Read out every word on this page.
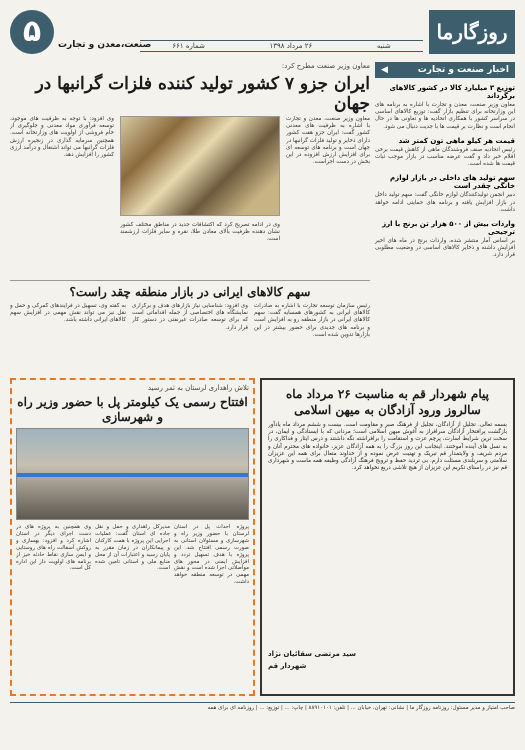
۵	صنعت،معدن و تجارت	شنبه
۲۶ مرداد ۱۳۹۸
شماره ۶۶۱
روزگارما
اخبار صنعت و تجارت
◀
توزیع ۳ میلیارد کالا در کشور کالاهای برگرداند

معاون وزیر صنعت، معدن و تجارت با اشاره به برنامه های این وزارتخانه برای تنظیم بازار گفت: توزیع کالاهای اساسی در سراسر کشور با همکاری اتحادیه ها و تعاونی ها در حال انجام است و نظارت بر قیمت ها با جدیت دنبال می شود.

قیمت هر کیلو ماهی تون کمتر شد

رئیس اتحادیه صنف فروشندگان ماهی از کاهش قیمت برخی اقلام خبر داد و گفت عرضه مناسب در بازار موجب ثبات قیمت ها شده است.

سهم تولید های داخلی در بازار لوازم خانگی چقدر است

دبیر انجمن تولیدکنندگان لوازم خانگی گفت: سهم تولید داخل در بازار افزایش یافته و برنامه های حمایتی ادامه خواهد داشت.

واردات بیش از ۵۰۰ هزار تن برنج با ارز ترجیحی

بر اساس آمار منتشر شده، واردات برنج در ماه های اخیر افزایش داشته و ذخایر کالاهای اساسی در وضعیت مطلوبی قرار دارد.

معاون وزیر صنعت مطرح کرد:
ایران جزو ۷ کشور تولید کننده فلزات گرانبها در جهان
معاون وزیر صنعت، معدن و تجارت با اشاره به ظرفیت های معدنی کشور گفت: ایران جزو هفت کشور دارای ذخایر و تولید فلزات گرانبها در جهان است و برنامه های توسعه ای برای افزایش ارزش افزوده در این بخش در دست اجراست.
وی در ادامه تصریح کرد که اکتشافات جدید در مناطق مختلف کشور نشان دهنده ظرفیت بالای معادن طلا، نقره و سایر فلزات ارزشمند است.
وی افزود: با توجه به ظرفیت های موجود، توسعه فرآوری مواد معدنی و جلوگیری از خام فروشی از اولویت های وزارتخانه است. همچنین سرمایه گذاری در زنجیره ارزش فلزات گرانبها می تواند اشتغال و درآمد ارزی کشور را افزایش دهد.
سهم کالاهای ایرانی در بازار منطقه چقد راست؟

رئیس سازمان توسعه تجارت با اشاره به صادرات کالاهای ایرانی به کشورهای همسایه گفت: سهم کالاهای ایرانی در بازار منطقه رو به افزایش است و برنامه های جدیدی برای حضور بیشتر در این بازارها تدوین شده است.

وی افزود: شناسایی نیاز بازارهای هدف و برگزاری نمایشگاه های اختصاصی از جمله اقداماتی است که برای توسعه صادرات غیرنفتی در دستور کار قرار دارد.

به گفته وی، تسهیل در فرآیندهای گمرکی و حمل و نقل نیز می تواند نقش مهمی در افزایش سهم کالاهای ایرانی داشته باشد.

تلاش راهداری لرستان به ثمر رسید
افتتاح رسمی یک کیلومتر پل با حضور وزیر راه و شهرسازی

پروژه احداث پل در استان لرستان با حضور وزیر راه و شهرسازی و مسئولان استانی به صورت رسمی افتتاح شد. این پروژه با هدف تسهیل تردد و افزایش ایمنی در محور های مواصلاتی اجرا شده است و نقش مهمی در توسعه منطقه خواهد داشت.

مدیرکل راهداری و حمل و نقل جاده ای استان گفت: عملیات اجرایی این پروژه با همت کارکنان و پیمانکاران در زمان مقرر به پایان رسید و اعتبارات آن از محل منابع ملی و استانی تامین شده است.

وی همچنین به پروژه های در دست اجرای دیگر در استان اشاره کرد و افزود: بهسازی و روکش آسفالت راه های روستایی و ایمن سازی نقاط حادثه خیز از برنامه های اولویت دار این اداره کل است.

پیام شهردار قم به مناسبت ۲۶ مرداد ماه سالروز ورود آزادگان به میهن اسلامی

بسمه تعالی. تجلیل از آزادگان، تجلیل از فرهنگ صبر و مقاومت است. بیست و ششم مرداد ماه یادآور بازگشت پرافتخار آزادگان سرافراز به آغوش میهن اسلامی است؛ مردانی که با ایستادگی و ایمان، در سخت ترین شرایط اسارت، پرچم عزت و استقامت را برافراشته نگه داشتند و درس ایثار و فداکاری را به نسل های آینده آموختند. اینجانب این روز بزرگ را به همه آزادگان عزیز، خانواده های محترم آنان و مردم شریف و ولایتمدار قم تبریک و تهنیت عرض نموده و از خداوند متعال برای همه این عزیزان سلامتی و سربلندی مسئلت دارم. بی تردید حفظ و ترویج فرهنگ آزادگی وظیفه همه ماست و شهرداری قم نیز در راستای تکریم این عزیزان از هیچ تلاشی دریغ نخواهد کرد.

سید مرتضی سقائیان نژاد
شهردار قم
صاحب امتیاز و مدیر مسئول: روزنامه روزگار ما | نشانی: تهران، خیابان ... | تلفن: ۸۸۹۱۰۱۰۱ | چاپ: ... | توزیع: ... | روزنامه ای برای همه
